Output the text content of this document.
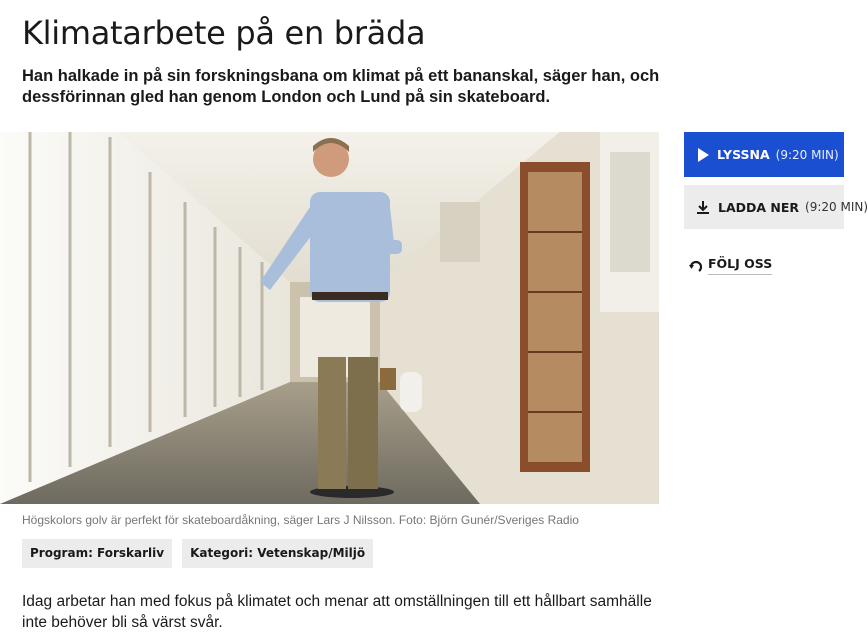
Klimatarbete på en bräda

Han halkade in på sin forskningsbana om klimat på ett bananskal, säger han, och dessförinnan gled han genom London och Lund på sin skateboard.

Högskolors golv är perfekt för skateboardåkning, säger Lars J Nilsson. Foto: Björn Gunér/Sveriges Radio

Program: Forskarliv	Kategori: Vetenskap/Miljö

Idag arbetar han med fokus på klimatet och menar att omställningen till ett hållbart samhälle inte behöver bli så värst svår.

LYSSNA (9:20 MIN)
LADDA NER (9:20 MIN)
FÖLJ OSS
